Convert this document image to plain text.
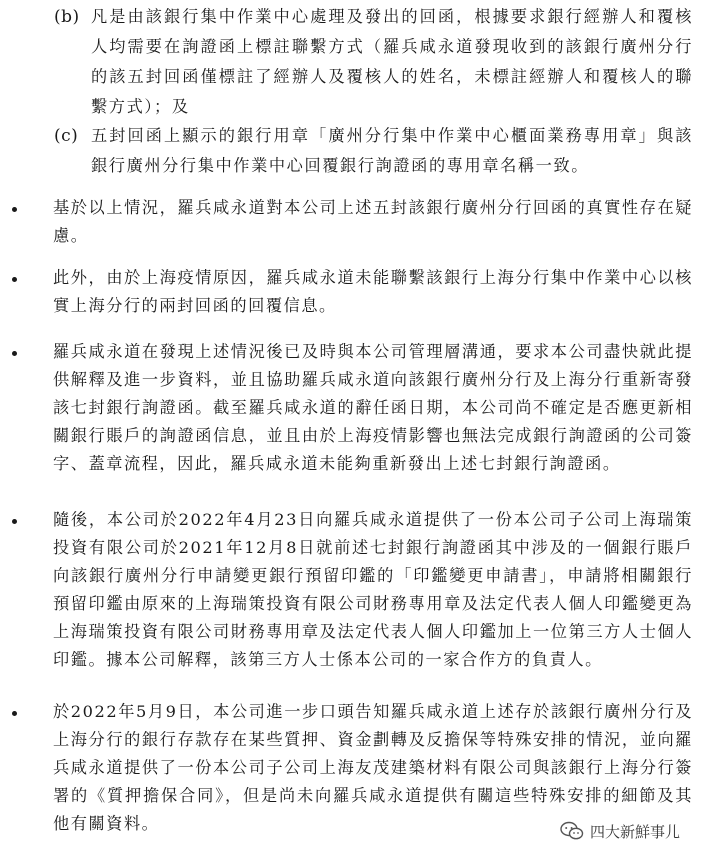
(b) 凡是由該銀行集中作業中心處理及發出的回函，根據要求銀行經辦人和覆核人均需要在詢證函上標註聯繫方式（羅兵咸永道發現收到的該銀行廣州分行的該五封回函僅標註了經辦人及覆核人的姓名，未標註經辦人和覆核人的聯繫方式）；及
(c) 五封回函上顯示的銀行用章「廣州分行集中作業中心櫃面業務專用章」與該銀行廣州分行集中作業中心回覆銀行詢證函的專用章名稱一致。
基於以上情況，羅兵咸永道對本公司上述五封該銀行廣州分行回函的真實性存在疑慮。
此外，由於上海疫情原因，羅兵咸永道未能聯繫該銀行上海分行集中作業中心以核實上海分行的兩封回函的回覆信息。
羅兵咸永道在發現上述情況後已及時與本公司管理層溝通，要求本公司盡快就此提供解釋及進一步資料，並且協助羅兵咸永道向該銀行廣州分行及上海分行重新寄發該七封銀行詢證函。截至羅兵咸永道的辭任函日期，本公司尚不確定是否應更新相關銀行賬戶的詢證函信息，並且由於上海疫情影響也無法完成銀行詢證函的公司簽字、蓋章流程，因此，羅兵咸永道未能夠重新發出上述七封銀行詢證函。
隨後，本公司於2022年4月23日向羅兵咸永道提供了一份本公司子公司上海瑞策投資有限公司於2021年12月8日就前述七封銀行詢證函其中涉及的一個銀行賬戶向該銀行廣州分行申請變更銀行預留印鑑的「印鑑變更申請書」，申請將相關銀行預留印鑑由原來的上海瑞策投資有限公司財務專用章及法定代表人個人印鑑變更為上海瑞策投資有限公司財務專用章及法定代表人個人印鑑加上一位第三方人士個人印鑑。據本公司解釋，該第三方人士係本公司的一家合作方的負責人。
於2022年5月9日，本公司進一步口頭告知羅兵咸永道上述存於該銀行廣州分行及上海分行的銀行存款存在某些質押、資金劃轉及反擔保等特殊安排的情況，並向羅兵咸永道提供了一份本公司子公司上海友茂建築材料有限公司與該銀行上海分行簽署的《質押擔保合同》，但是尚未向羅兵咸永道提供有關這些特殊安排的細節及其他有關資料。	四大新鮮事儿
